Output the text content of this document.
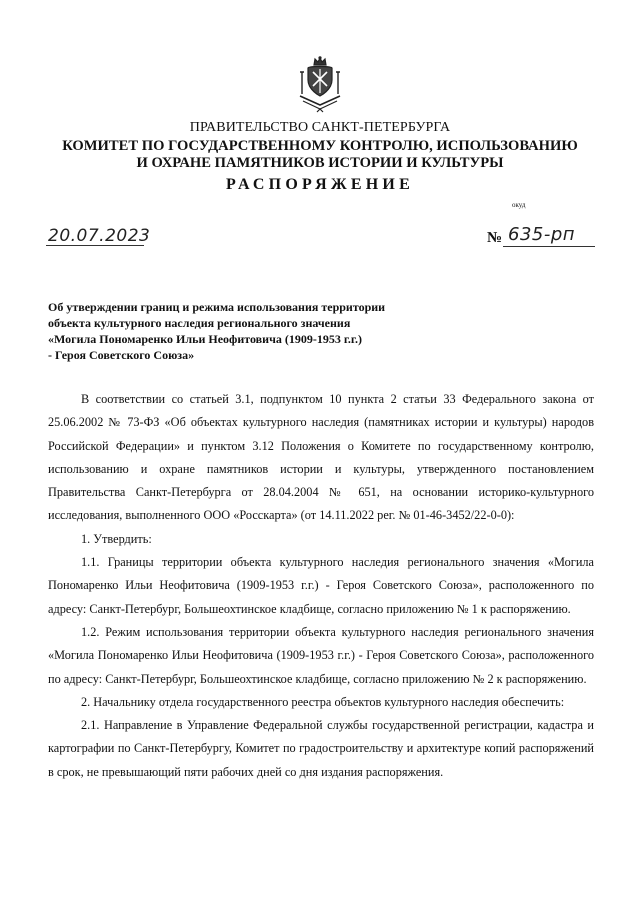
ПРАВИТЕЛЬСТВО САНКТ-ПЕТЕРБУРГА
КОМИТЕТ ПО ГОСУДАРСТВЕННОМУ КОНТРОЛЮ, ИСПОЛЬЗОВАНИЮ
И ОХРАНЕ ПАМЯТНИКОВ ИСТОРИИ И КУЛЬТУРЫ
РАСПОРЯЖЕНИЕ
окуд
20.07.2023	№ 635-рп
Об утверждении границ и режима использования территории
объекта культурного наследия регионального значения
«Могила Пономаренко Ильи Неофитовича (1909-1953 г.г.)
- Героя Советского Союза»

В соответствии со статьей 3.1, подпунктом 10 пункта 2 статьи 33 Федерального закона от 25.06.2002 № 73-ФЗ «Об объектах культурного наследия (памятниках истории и культуры) народов Российской Федерации» и пунктом 3.12 Положения о Комитете по государственному контролю, использованию и охране памятников истории и культуры, утвержденного постановлением Правительства Санкт-Петербурга от 28.04.2004 № 651, на основании историко-культурного исследования, выполненного ООО «Росскарта» (от 14.11.2022 рег. № 01-46-3452/22-0-0):

1. Утвердить:

1.1. Границы территории объекта культурного наследия регионального значения «Могила Пономаренко Ильи Неофитовича (1909-1953 г.г.) - Героя Советского Союза», расположенного по адресу: Санкт-Петербург, Большеохтинское кладбище, согласно приложению № 1 к распоряжению.

1.2. Режим использования территории объекта культурного наследия регионального значения «Могила Пономаренко Ильи Неофитовича (1909-1953 г.г.) - Героя Советского Союза», расположенного по адресу: Санкт-Петербург, Большеохтинское кладбище, согласно приложению № 2 к распоряжению.

2. Начальнику отдела государственного реестра объектов культурного наследия обеспечить:

2.1. Направление в Управление Федеральной службы государственной регистрации, кадастра и картографии по Санкт-Петербургу, Комитет по градостроительству и архитектуре копий распоряжений в срок, не превышающий пяти рабочих дней со дня издания распоряжения.
